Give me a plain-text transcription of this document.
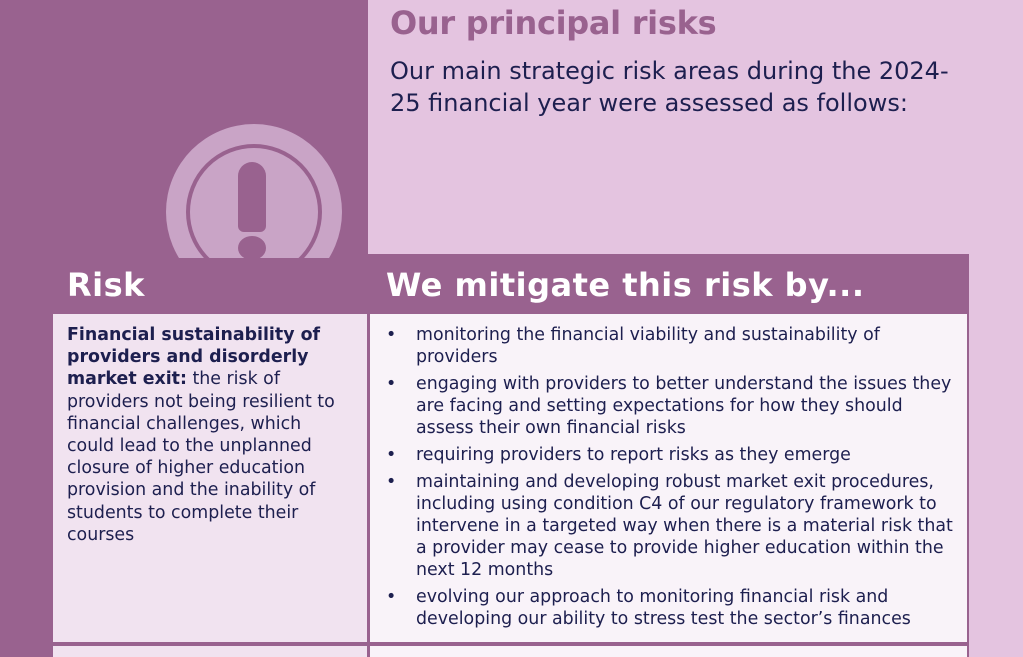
Our principal risks

Our main strategic risk areas during the 2024-25 financial year were assessed as follows:

Risk	We mitigate this risk by...
Financial sustainability of providers and disorderly market exit: the risk of providers not being resilient to financial challenges, which could lead to the unplanned closure of higher education provision and the inability of students to complete their courses
• monitoring the financial viability and sustainability of providers
• engaging with providers to better understand the issues they are facing and setting expectations for how they should assess their own financial risks
• requiring providers to report risks as they emerge
• maintaining and developing robust market exit procedures, including using condition C4 of our regulatory framework to intervene in a targeted way when there is a material risk that a provider may cease to provide higher education within the next 12 months
• evolving our approach to monitoring financial risk and developing our ability to stress test the sector’s finances
